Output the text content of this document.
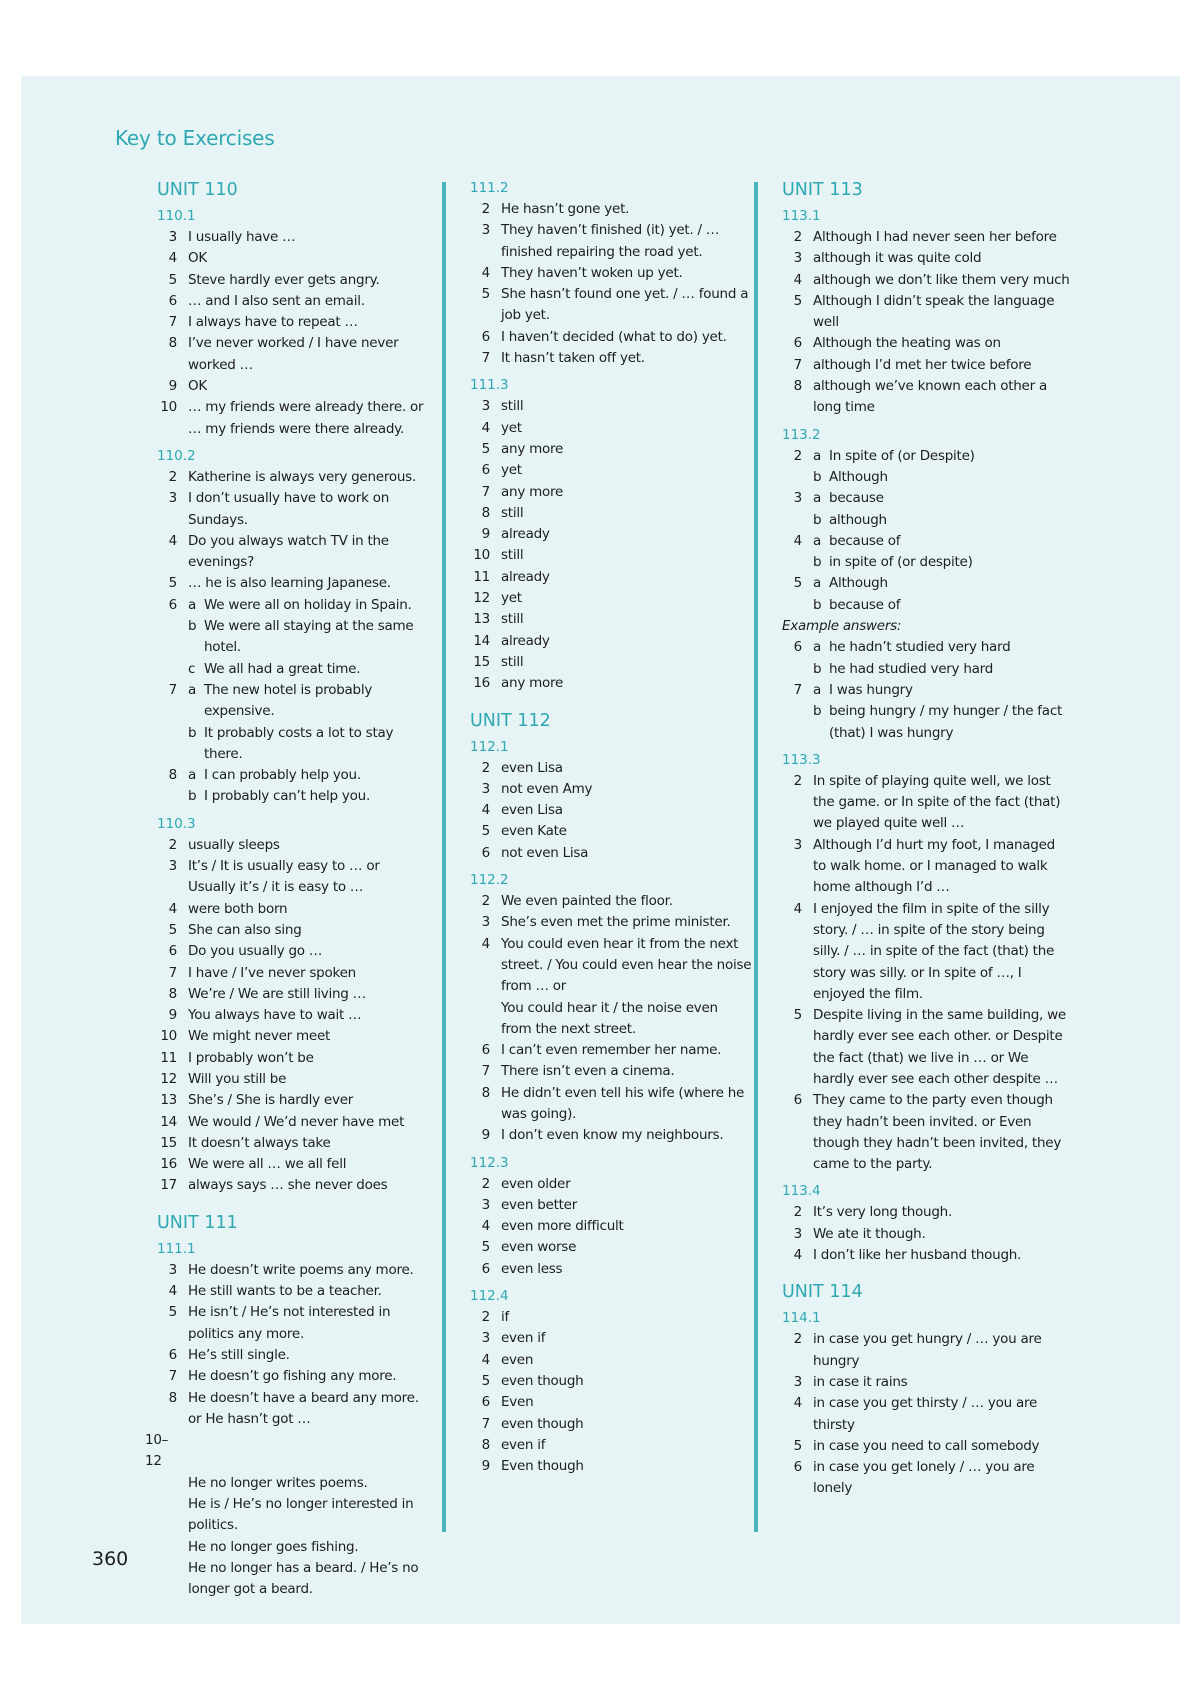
Key to Exercises
UNIT 110
110.1
3 I usually have …
4 OK
5 Steve hardly ever gets angry.
6 … and I also sent an email.
7 I always have to repeat …
8 I’ve never worked / I have never worked …
9 OK
10 … my friends were already there. or … my friends were there already.
110.2
2 Katherine is always very generous.
3 I don’t usually have to work on Sundays.
4 Do you always watch TV in the evenings?
5 … he is also learning Japanese.
6 a We were all on holiday in Spain.
b We were all staying at the same hotel.
c We all had a great time.
7 a The new hotel is probably expensive.
b It probably costs a lot to stay there.
8 a I can probably help you.
b I probably can’t help you.
110.3
2 usually sleeps
3 It’s / It is usually easy to … or Usually it’s / it is easy to …
4 were both born
5 She can also sing
6 Do you usually go …
7 I have / I’ve never spoken
8 We’re / We are still living …
9 You always have to wait …
10 We might never meet
11 I probably won’t be
12 Will you still be
13 She’s / She is hardly ever
14 We would / We’d never have met
15 It doesn’t always take
16 We were all … we all fell
17 always says … she never does
UNIT 111
111.1
3 He doesn’t write poems any more.
4 He still wants to be a teacher.
5 He isn’t / He’s not interested in politics any more.
6 He’s still single.
7 He doesn’t go fishing any more.
8 He doesn’t have a beard any more. or He hasn’t got …
10–12
He no longer writes poems.
He is / He’s no longer interested in politics.
He no longer goes fishing.
He no longer has a beard. / He’s no longer got a beard.
111.2
2 He hasn’t gone yet.
3 They haven’t finished (it) yet. / … finished repairing the road yet.
4 They haven’t woken up yet.
5 She hasn’t found one yet. / … found a job yet.
6 I haven’t decided (what to do) yet.
7 It hasn’t taken off yet.
111.3
3 still
4 yet
5 any more
6 yet
7 any more
8 still
9 already
10 still
11 already
12 yet
13 still
14 already
15 still
16 any more
UNIT 112
112.1
2 even Lisa
3 not even Amy
4 even Lisa
5 even Kate
6 not even Lisa
112.2
2 We even painted the floor.
3 She’s even met the prime minister.
4 You could even hear it from the next street. / You could even hear the noise from … or
You could hear it / the noise even from the next street.
6 I can’t even remember her name.
7 There isn’t even a cinema.
8 He didn’t even tell his wife (where he was going).
9 I don’t even know my neighbours.
112.3
2 even older
3 even better
4 even more difficult
5 even worse
6 even less
112.4
2 if
3 even if
4 even
5 even though
6 Even
7 even though
8 even if
9 Even though
UNIT 113
113.1
2 Although I had never seen her before
3 although it was quite cold
4 although we don’t like them very much
5 Although I didn’t speak the language well
6 Although the heating was on
7 although I’d met her twice before
8 although we’ve known each other a long time
113.2
2 a In spite of (or Despite)
b Although
3 a because
b although
4 a because of
b in spite of (or despite)
5 a Although
b because of
Example answers:
6 a he hadn’t studied very hard
b he had studied very hard
7 a I was hungry
b being hungry / my hunger / the fact (that) I was hungry
113.3
2 In spite of playing quite well, we lost the game. or In spite of the fact (that) we played quite well …
3 Although I’d hurt my foot, I managed to walk home. or I managed to walk home although I’d …
4 I enjoyed the film in spite of the silly story. / … in spite of the story being silly. / … in spite of the fact (that) the story was silly. or In spite of …, I enjoyed the film.
5 Despite living in the same building, we hardly ever see each other. or Despite the fact (that) we live in … or We hardly ever see each other despite …
6 They came to the party even though they hadn’t been invited. or Even though they hadn’t been invited, they came to the party.
113.4
2 It’s very long though.
3 We ate it though.
4 I don’t like her husband though.
UNIT 114
114.1
2 in case you get hungry / … you are hungry
3 in case it rains
4 in case you get thirsty / … you are thirsty
5 in case you need to call somebody
6 in case you get lonely / … you are lonely
360
